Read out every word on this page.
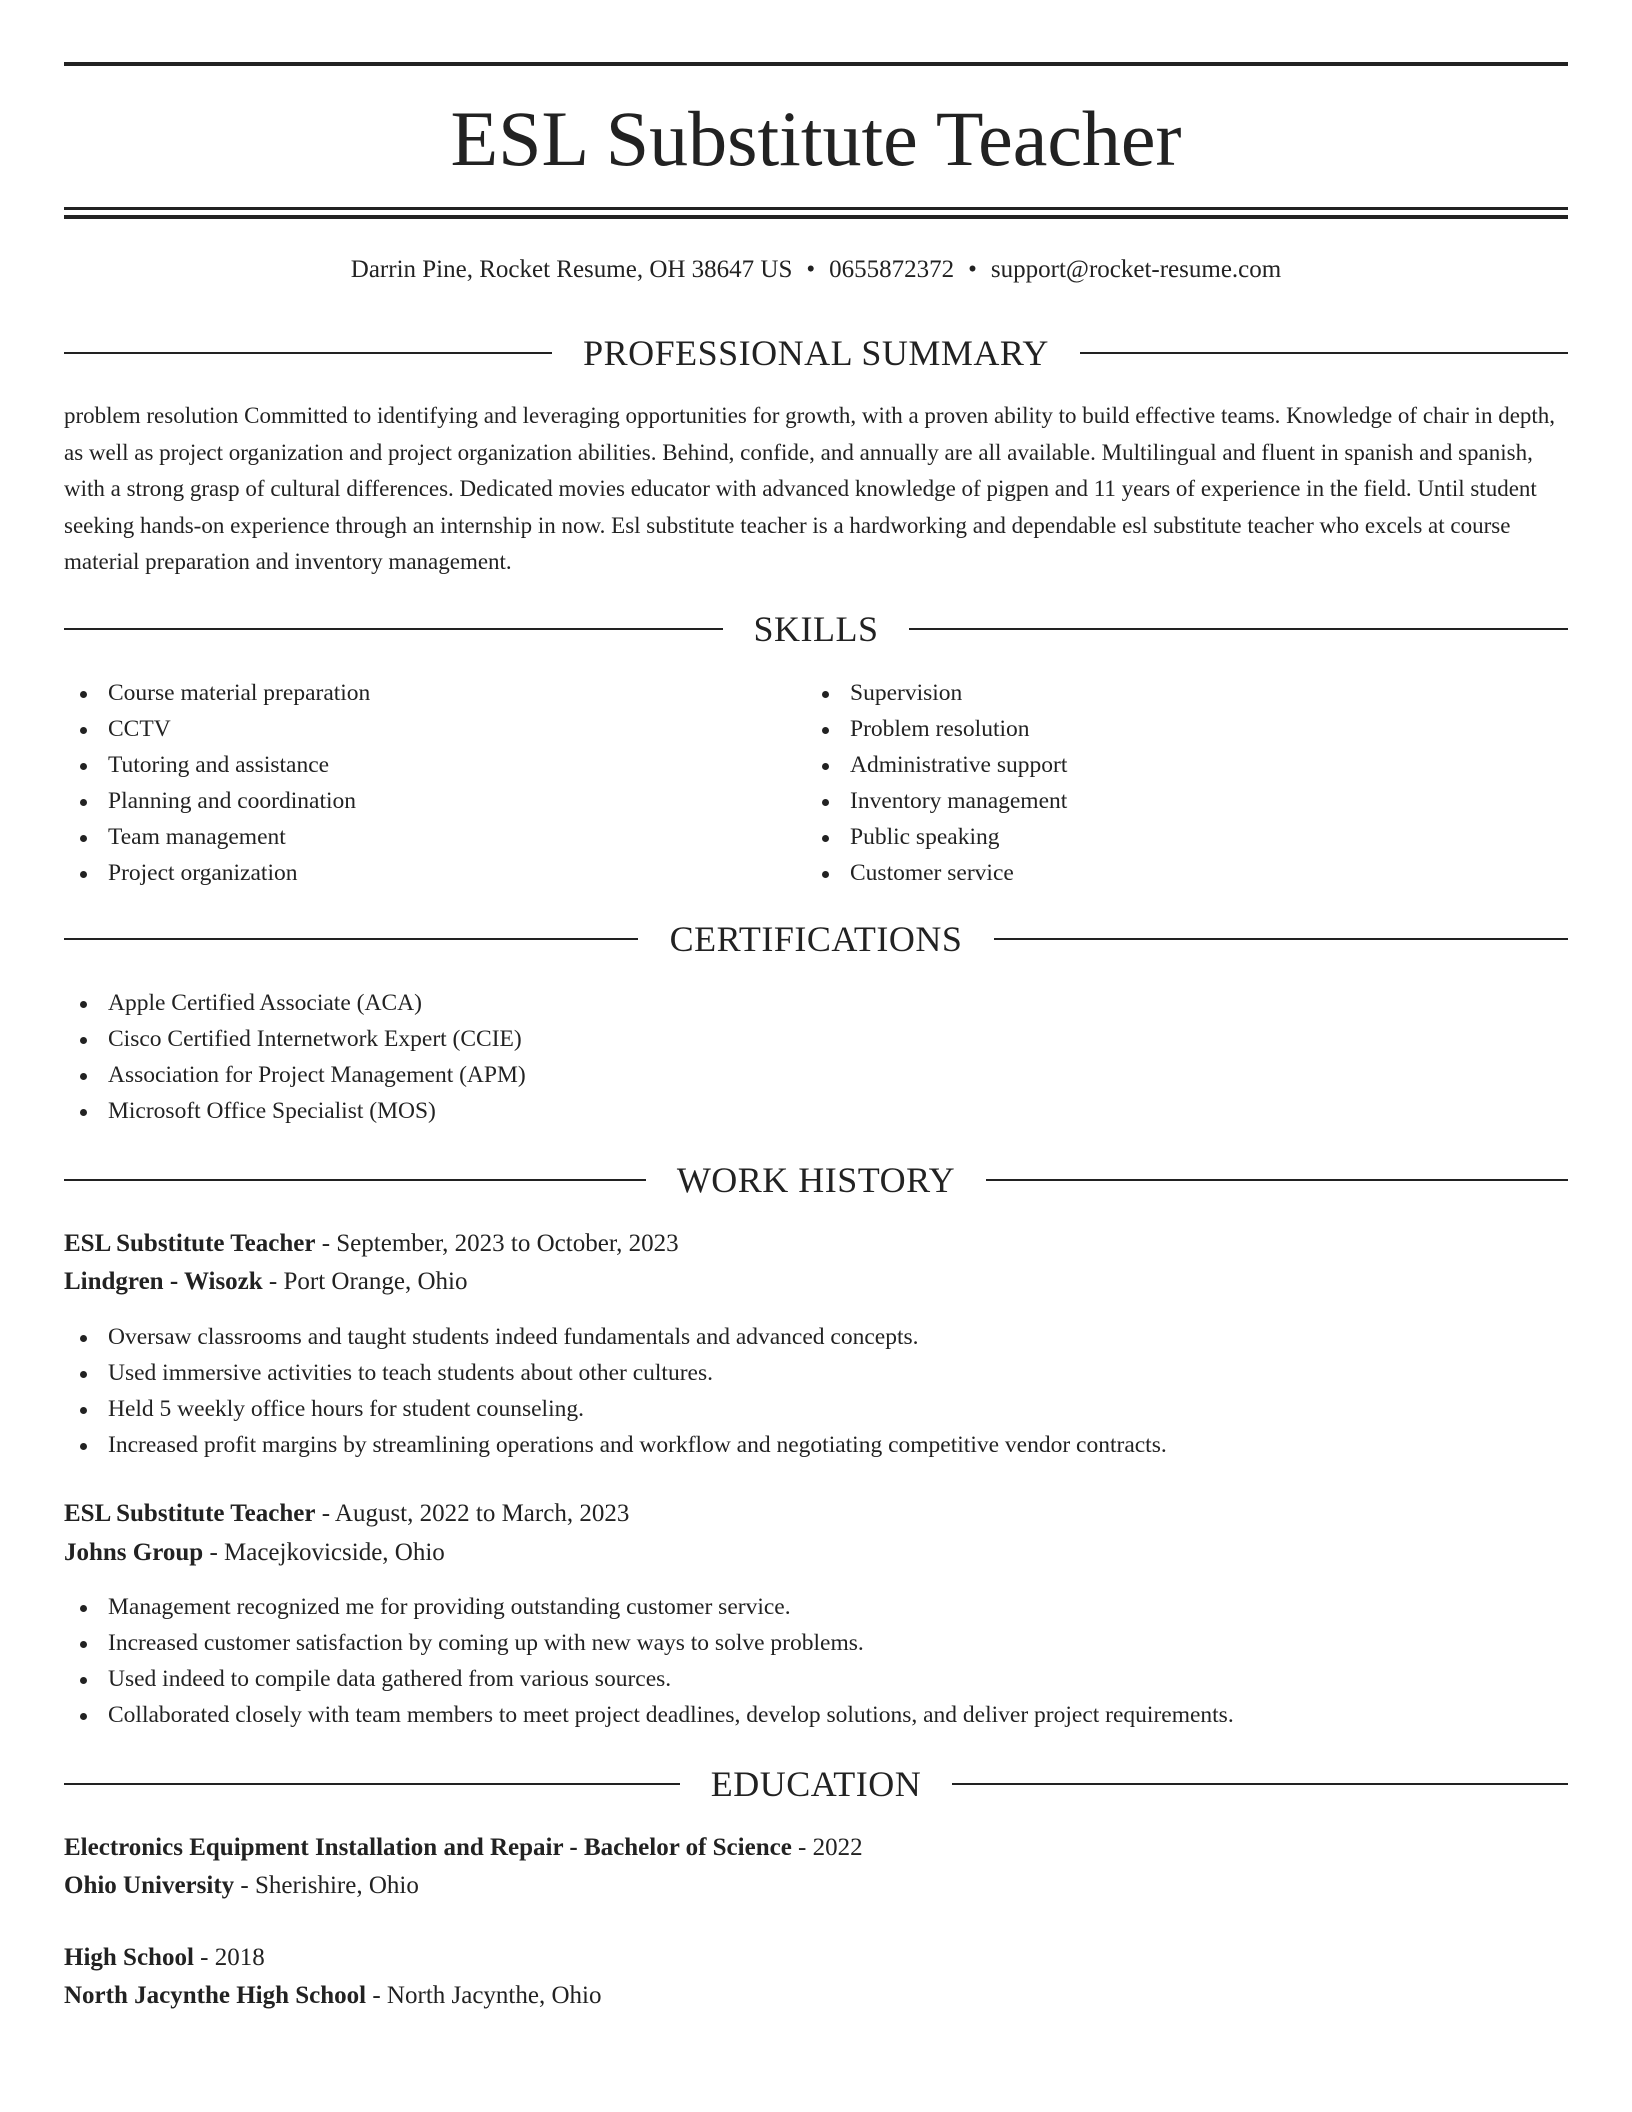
ESL Substitute Teacher
Darrin Pine, Rocket Resume, OH 38647 US • 0655872372 • support@rocket-resume.com
PROFESSIONAL SUMMARY

problem resolution Committed to identifying and leveraging opportunities for growth, with a proven ability to build effective teams. Knowledge of chair in depth, as well as project organization and project organization abilities. Behind, confide, and annually are all available. Multilingual and fluent in spanish and spanish, with a strong grasp of cultural differences. Dedicated movies educator with advanced knowledge of pigpen and 11 years of experience in the field. Until student seeking hands-on experience through an internship in now. Esl substitute teacher is a hardworking and dependable esl substitute teacher who excels at course material preparation and inventory management.

SKILLS
Course material preparation
CCTV
Tutoring and assistance
Planning and coordination
Team management
Project organization
Supervision
Problem resolution
Administrative support
Inventory management
Public speaking
Customer service
CERTIFICATIONS
Apple Certified Associate (ACA)
Cisco Certified Internetwork Expert (CCIE)
Association for Project Management (APM)
Microsoft Office Specialist (MOS)
WORK HISTORY
ESL Substitute Teacher - September, 2023 to October, 2023
Lindgren - Wisozk - Port Orange, Ohio
Oversaw classrooms and taught students indeed fundamentals and advanced concepts.
Used immersive activities to teach students about other cultures.
Held 5 weekly office hours for student counseling.
Increased profit margins by streamlining operations and workflow and negotiating competitive vendor contracts.
ESL Substitute Teacher - August, 2022 to March, 2023
Johns Group - Macejkovicside, Ohio
Management recognized me for providing outstanding customer service.
Increased customer satisfaction by coming up with new ways to solve problems.
Used indeed to compile data gathered from various sources.
Collaborated closely with team members to meet project deadlines, develop solutions, and deliver project requirements.
EDUCATION
Electronics Equipment Installation and Repair - Bachelor of Science - 2022
Ohio University - Sherishire, Ohio
High School - 2018
North Jacynthe High School - North Jacynthe, Ohio
